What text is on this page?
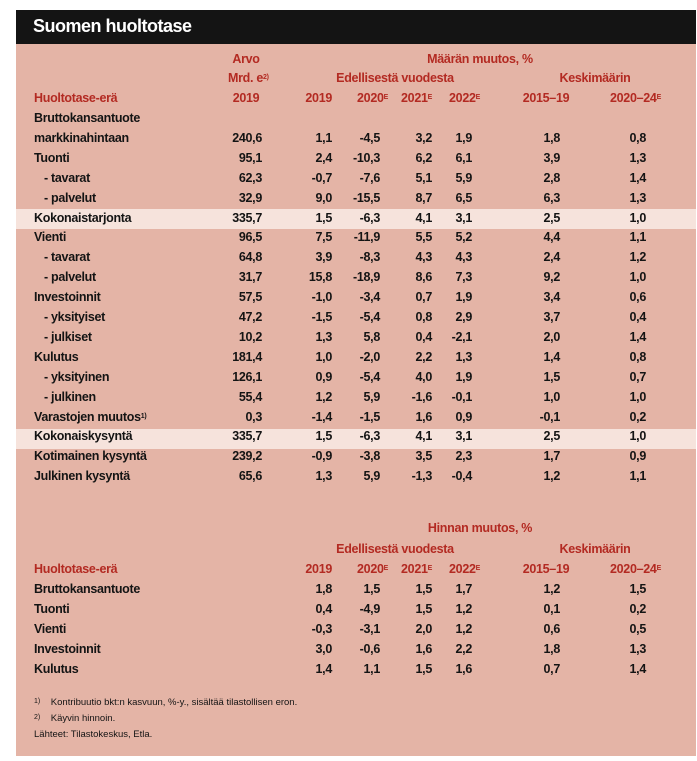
Suomen huoltotase
Arvo	Määrän muutos, %
Mrd. $e^{2)}$	Edellisestä vuodesta	Keskimäärin
Huoltotase-erä	2019	2019	$2020^E$	$2021^E$	$2022^E$	2015–19	$2020-24^E$
Bruttokansantuote
markkinahintaan	240,6	1,1	-4,5	3,2	1,9	1,8	0,8
Tuonti	95,1	2,4	-10,3	6,2	6,1	3,9	1,3
- tavarat	62,3	-0,7	-7,6	5,1	5,9	2,8	1,4
- palvelut	32,9	9,0	-15,5	8,7	6,5	6,3	1,3
Kokonaistarjonta	335,7	1,5	-6,3	4,1	3,1	2,5	1,0
Vienti	96,5	7,5	-11,9	5,5	5,2	4,4	1,1
- tavarat	64,8	3,9	-8,3	4,3	4,3	2,4	1,2
- palvelut	31,7	15,8	-18,9	8,6	7,3	9,2	1,0
Investoinnit	57,5	-1,0	-3,4	0,7	1,9	3,4	0,6
- yksityiset	47,2	-1,5	-5,4	0,8	2,9	3,7	0,4
- julkiset	10,2	1,3	5,8	0,4	-2,1	2,0	1,4
Kulutus	181,4	1,0	-2,0	2,2	1,3	1,4	0,8
- yksityinen	126,1	0,9	-5,4	4,0	1,9	1,5	0,7
- julkinen	55,4	1,2	5,9	-1,6	-0,1	1,0	1,0
Varastojen muutos$^{1)}$	0,3	-1,4	-1,5	1,6	0,9	-0,1	0,2
Kokonaiskysyntä	335,7	1,5	-6,3	4,1	3,1	2,5	1,0
Kotimainen kysyntä	239,2	-0,9	-3,8	3,5	2,3	1,7	0,9
Julkinen kysyntä	65,6	1,3	5,9	-1,3	-0,4	1,2	1,1
Hinnan muutos, %
Edellisestä vuodesta	Keskimäärin
Huoltotase-erä	2019	$2020^E$	$2021^E$	$2022^E$	2015–19	$2020-24^E$
Bruttokansantuote	1,8	1,5	1,5	1,7	1,2	1,5
Tuonti	0,4	-4,9	1,5	1,2	0,1	0,2
Vienti	-0,3	-3,1	2,0	1,2	0,6	0,5
Investoinnit	3,0	-0,6	1,6	2,2	1,8	1,3
Kulutus	1,4	1,1	1,5	1,6	0,7	1,4
$^{1)}$ Kontribuutio bkt:n kasvuun, %-y., sisältää tilastollisen eron.
$^{2)}$ Käyvin hinnoin.
Lähteet: Tilastokeskus, Etla.
